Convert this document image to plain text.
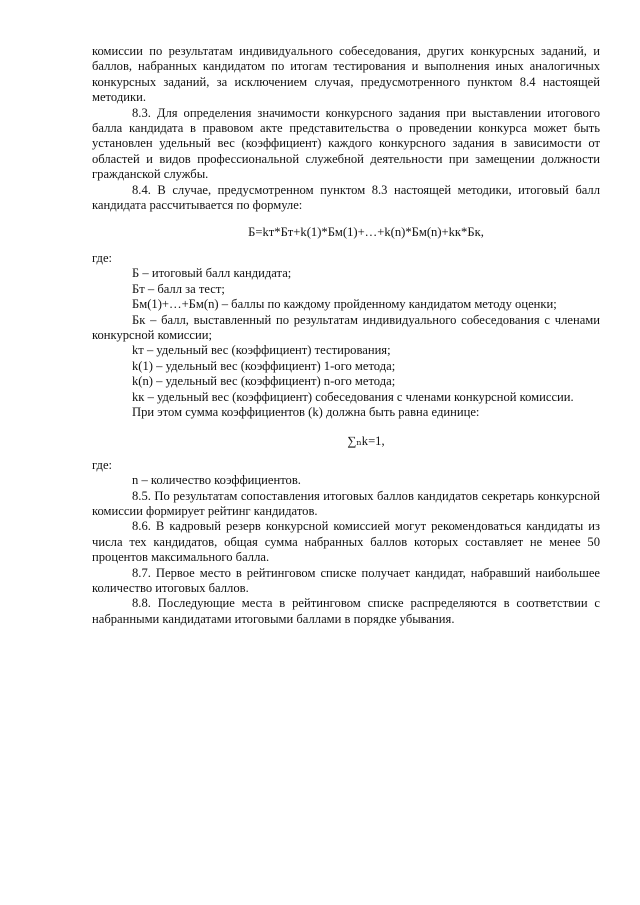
комиссии по результатам индивидуального собеседования, других конкурсных заданий, и баллов, набранных кандидатом по итогам тестирования и выполнения иных аналогичных конкурсных заданий, за исключением случая, предусмотренного пунктом 8.4 настоящей методики.

8.3. Для определения значимости конкурсного задания при выставлении итогового балла кандидата в правовом акте представительства о проведении конкурса может быть установлен удельный вес (коэффициент) каждого конкурсного задания в зависимости от областей и видов профессиональной служебной деятельности при замещении должности гражданской службы.

8.4. В случае, предусмотренном пунктом 8.3 настоящей методики, итоговый балл кандидата рассчитывается по формуле:

Б=kт*Бт+k(1)*Бм(1)+…+k(n)*Бм(n)+kк*Бк,

где:

Б – итоговый балл кандидата;

Бт – балл за тест;

Бм(1)+…+Бм(n) – баллы по каждому пройденному кандидатом методу оценки;

Бк – балл, выставленный по результатам индивидуального собеседования с членами конкурсной комиссии;

kт – удельный вес (коэффициент) тестирования;

k(1) – удельный вес (коэффициент) 1-ого метода;

k(n) – удельный вес (коэффициент) n-ого метода;

kк – удельный вес (коэффициент) собеседования с членами конкурсной комиссии.

При этом сумма коэффициентов (k) должна быть равна единице:

∑ₙk=1,

где:

n – количество коэффициентов.

8.5. По результатам сопоставления итоговых баллов кандидатов секретарь конкурсной комиссии формирует рейтинг кандидатов.

8.6. В кадровый резерв конкурсной комиссией могут рекомендоваться кандидаты из числа тех кандидатов, общая сумма набранных баллов которых составляет не менее 50 процентов максимального балла.

8.7. Первое место в рейтинговом списке получает кандидат, набравший наибольшее количество итоговых баллов.

8.8. Последующие места в рейтинговом списке распределяются в соответствии с набранными кандидатами итоговыми баллами в порядке убывания.
